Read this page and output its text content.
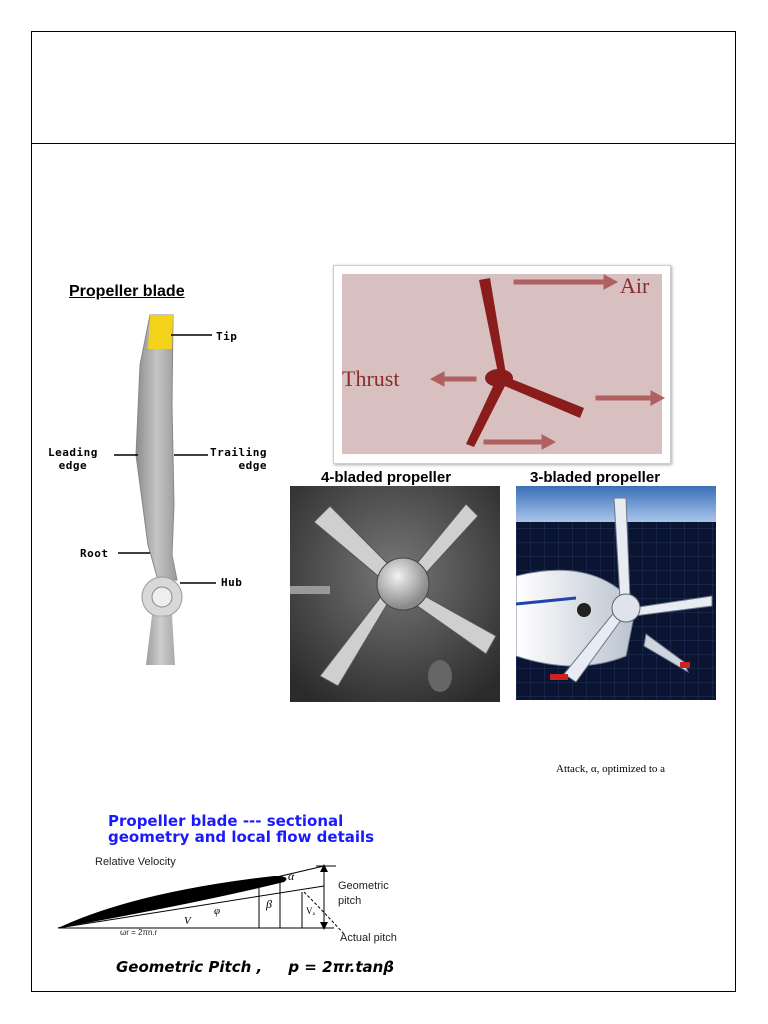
Propeller blade
Tip
Leading
edge
Trailing
edge
Root
Hub
Air
Thrust
4-bladed propeller	3-bladed propeller
Attack, α, optimized to a
Propeller blade --- sectional
geometry and local flow details
α
β
φ
V
Vₐ
Relative Velocity
Geometric
pitch
Actual pitch
ωr = 2πn.r
Geometric Pitch ,     p = 2πr.tanβ
